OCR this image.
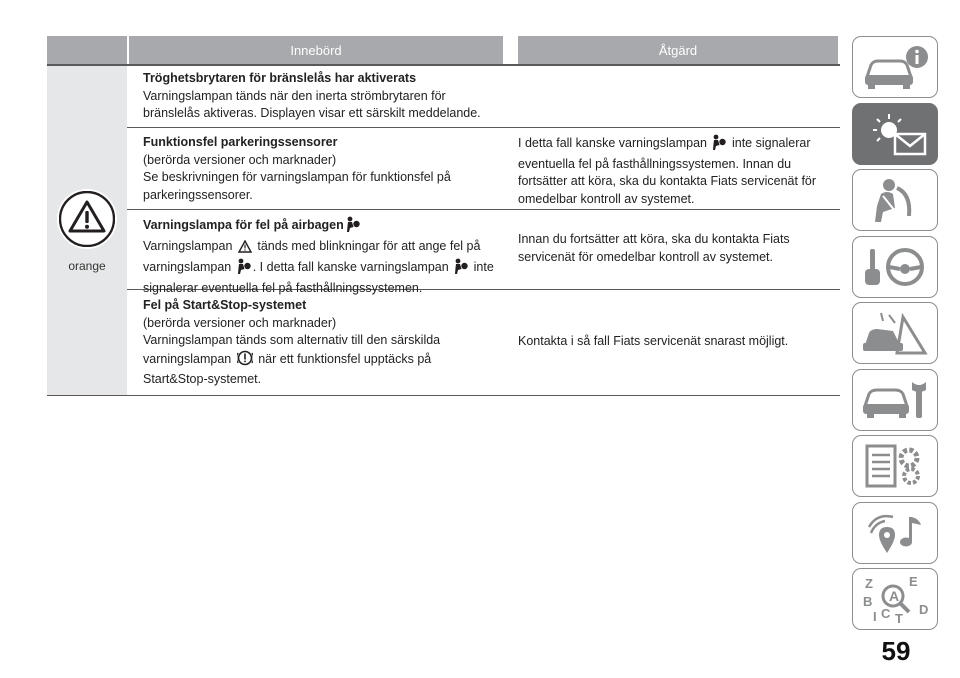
Innebörd	Åtgärd
orange
Tröghetsbrytaren för bränslelås har aktiverats
Varningslampan tänds när den inerta strömbrytaren för bränslelås aktiveras. Displayen visar ett särskilt meddelande.
Funktionsfel parkeringssensorer
(berörda versioner och marknader)
Se beskrivningen för varningslampan för funktionsfel på parkeringssensorer.
I detta fall kanske varningslampan inte signalerar eventuella fel på fasthållningssystemen. Innan du fortsätter att köra, ska du kontakta Fiats servicenät för omedelbar kontroll av systemet.
Varningslampa för fel på airbagen
Varningslampan tänds med blinkningar för att ange fel på varningslampan . I detta fall kanske varningslampan inte signalerar eventuella fel på fasthållningssystemen.
Innan du fortsätter att köra, ska du kontakta Fiats servicenät för omedelbar kontroll av systemet.
Fel på Start&Stop-systemet
(berörda versioner och marknader)
Varningslampan tänds som alternativ till den särskilda varningslampan när ett funktionsfel upptäcks på Start&Stop-systemet.
Kontakta i så fall Fiats servicenät snarast möjligt.
Z	E
B
D
C T
I
A
59
